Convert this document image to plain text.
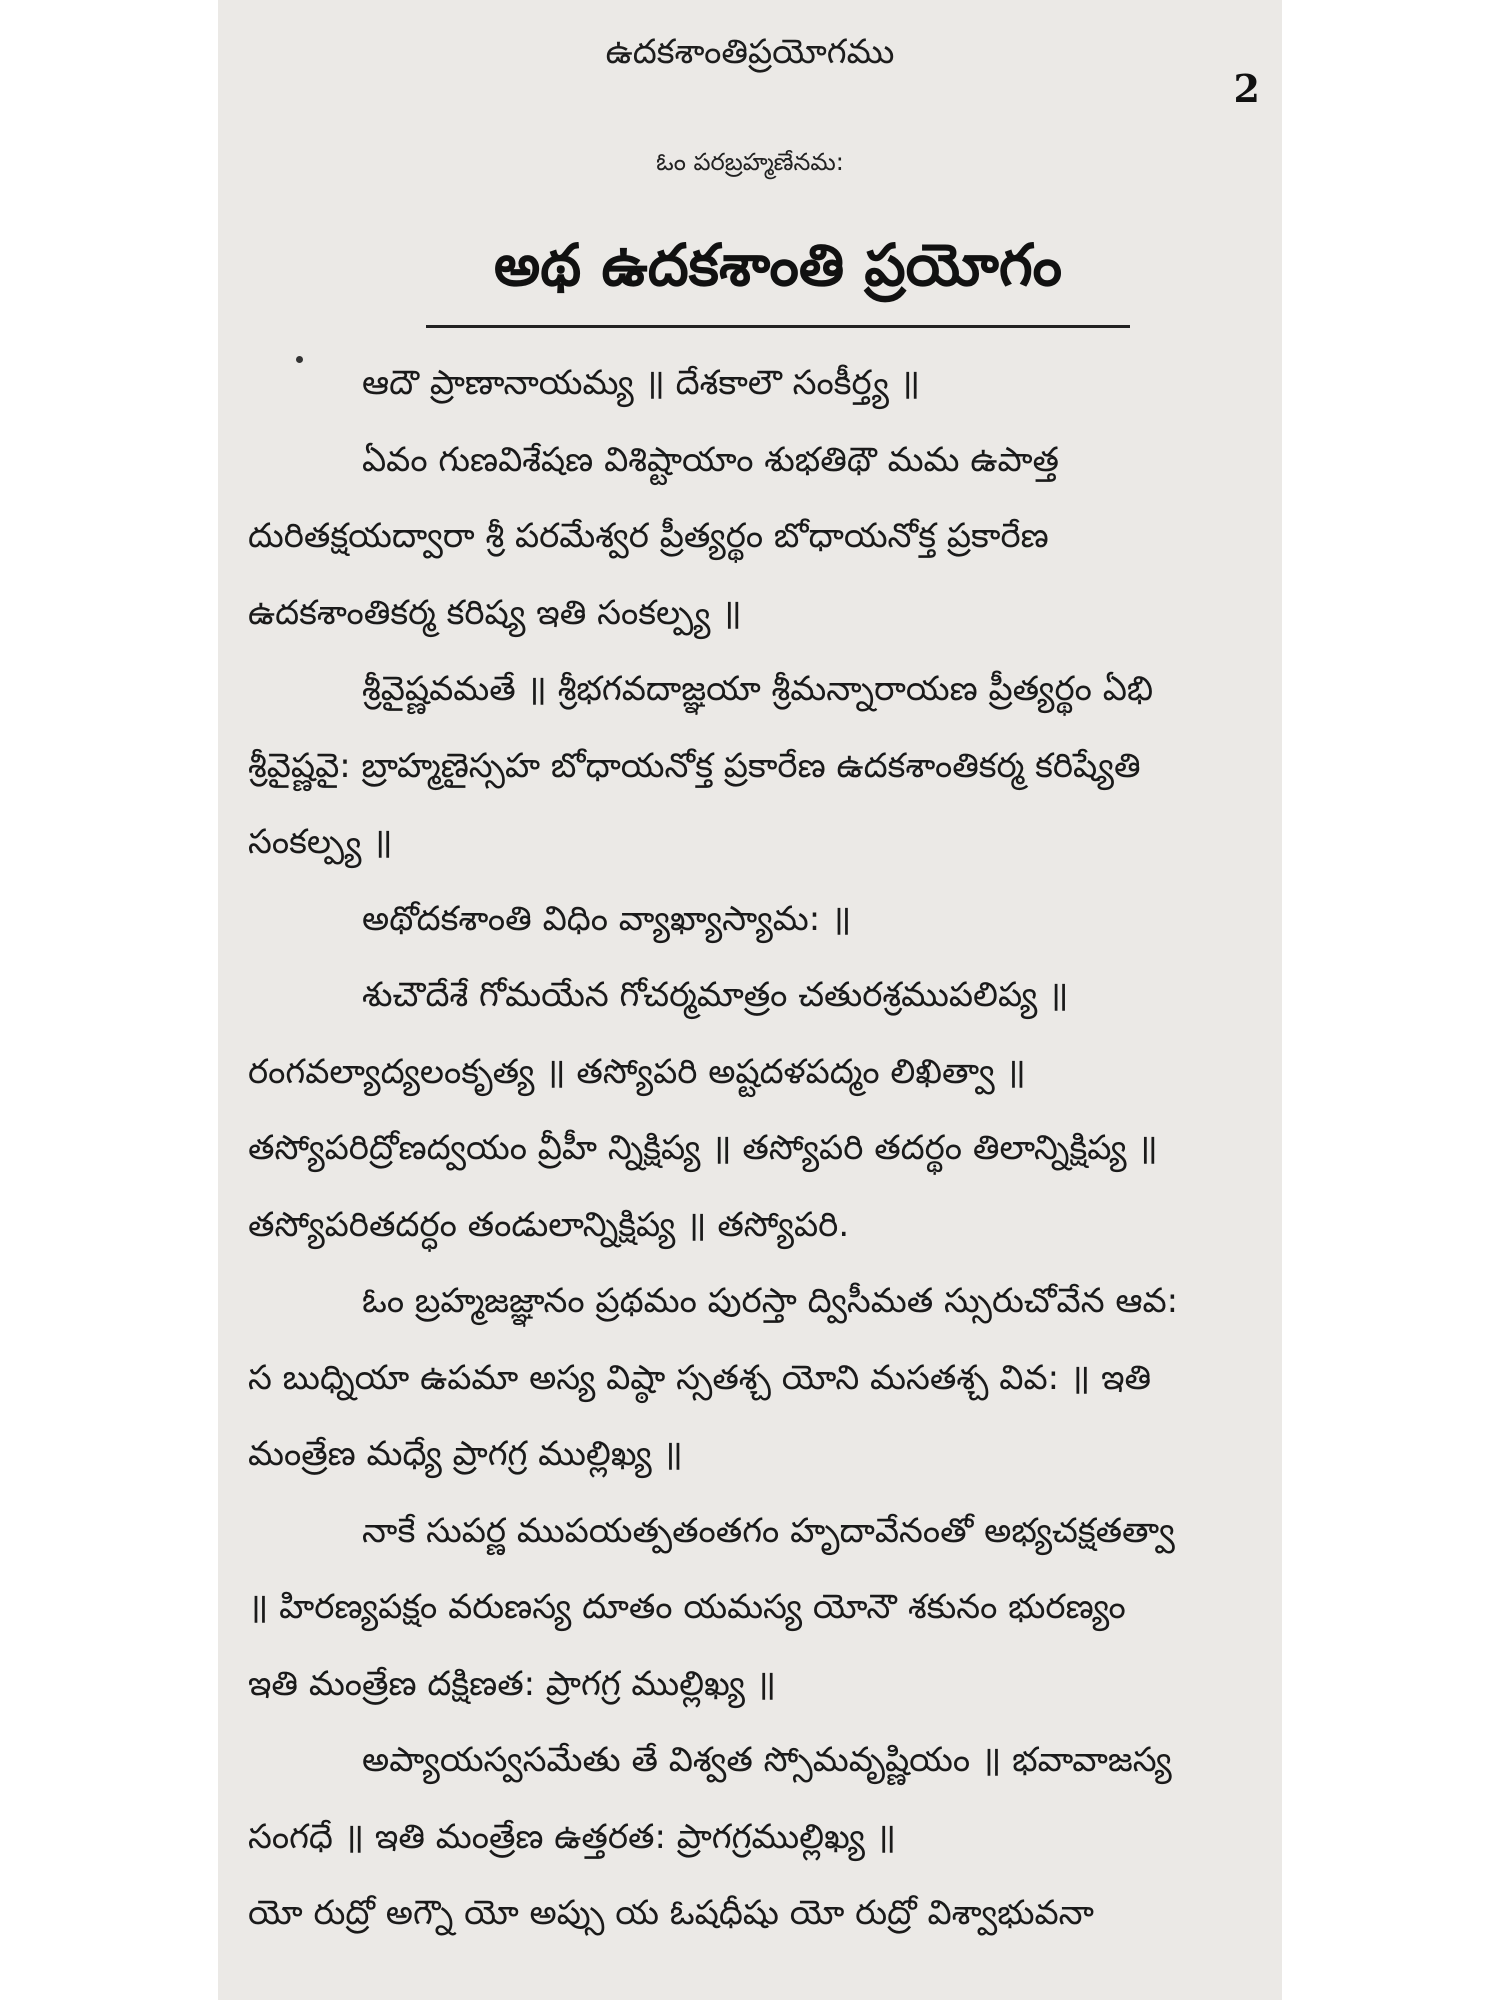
ఉదకశాంతిప్రయోగము
2
ఓం పరబ్రహ్మణేనమ:
అథ ఉదకశాంతి ప్రయోగం
ఆదౌ ప్రాణానాయమ్య ॥ దేశకాలౌ సంకీర్త్య ॥
ఏవం గుణవిశేషణ విశిష్టాయాం శుభతిథౌ మమ ఉపాత్త
దురితక్షయద్వారా శ్రీ పరమేశ్వర ప్రీత్యర్థం బోధాయనోక్త ప్రకారేణ
ఉదకశాంతికర్మ కరిష్య ఇతి సంకల్ప్య ॥
శ్రీవైష్ణవమతే ॥ శ్రీభగవదాజ్ఞయా శ్రీమన్నారాయణ ప్రీత్యర్థం ఏభి
శ్రీవైష్ణవై: బ్రాహ్మణైస్సహ బోధాయనోక్త ప్రకారేణ ఉదకశాంతికర్మ కరిష్యేతి
సంకల్ప్య ॥
అథోదకశాంతి విధిం వ్యాఖ్యాస్యామ: ॥
శుచౌదేశే గోమయేన గోచర్మమాత్రం చతురశ్రముపలిప్య ॥
రంగవల్యాద్యలంకృత్య ॥ తస్యోపరి అష్టదళపద్మం లిఖిత్వా ॥
తస్యోపరిద్రోణద్వయం వ్రీహీ న్నిక్షిప్య ॥ తస్యోపరి తదర్థం తిలాన్నిక్షిప్య ॥
తస్యోపరితదర్ధం తండులాన్నిక్షిప్య ॥ తస్యోపరి.
ఓం బ్రహ్మజజ్ఞానం ప్రథమం పురస్తా ద్విసీమత స్సురుచోవేన ఆవ:
స బుధ్నియా ఉపమా అస్య విష్ఠా స్సతశ్చ యోని మసతశ్చ వివ: ॥ ఇతి
మంత్రేణ మధ్యే ప్రాగగ్ర ముల్లిఖ్య ॥
నాకే సుపర్ణ ముపయత్పతంతగం హృదావేనంతో అభ్యచక్షతత్వా
॥ హిరణ్యపక్షం వరుణస్య దూతం యమస్య యోనౌ శకునం భురణ్యం
ఇతి మంత్రేణ దక్షిణత: ప్రాగగ్ర ముల్లిఖ్య ॥
అప్యాయస్వసమేతు తే విశ్వత స్సోమవృష్ణియం ॥ భవావాజస్య
సంగధే ॥ ఇతి మంత్రేణ ఉత్తరత: ప్రాగగ్రముల్లిఖ్య ॥
యో రుద్రో అగ్నౌ యో అప్సు య ఓషధీషు యో రుద్రో విశ్వాభువనా
